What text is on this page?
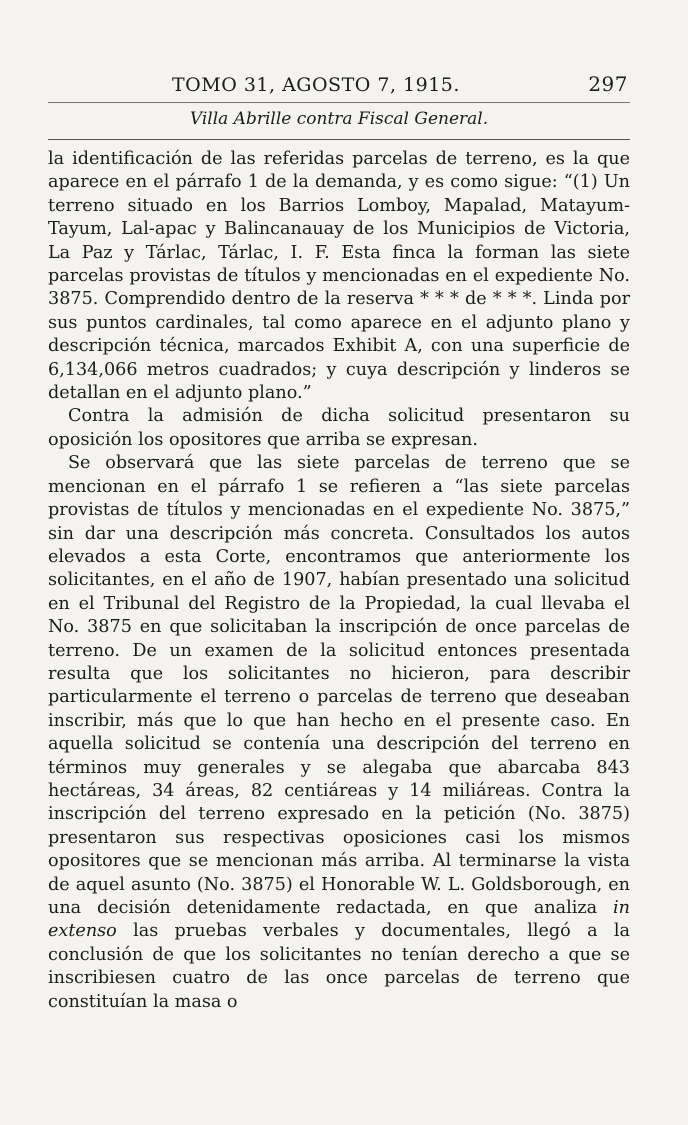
TOMO 31, AGOSTO 7, 1915.	297
Villa Abrille contra Fiscal General.

la identificación de las referidas parcelas de terreno, es la que aparece en el párrafo 1 de la demanda, y es como sigue: “(1) Un terreno situado en los Barrios Lomboy, Mapalad, Matayum-Tayum, Lal-apac y Balincanauay de los Municipios de Victoria, La Paz y Tárlac, Tárlac, I. F. Esta finca la forman las siete parcelas provistas de títulos y mencionadas en el expediente No. 3875. Comprendido dentro de la reserva * * * de * * *. Linda por sus puntos cardinales, tal como aparece en el adjunto plano y descripción técnica, marcados Exhibit A, con una superficie de 6,134,066 metros cuadrados; y cuya descripción y linderos se detallan en el adjunto plano.”

Contra la admisión de dicha solicitud presentaron su oposición los opositores que arriba se expresan.

Se observará que las siete parcelas de terreno que se mencionan en el párrafo 1 se refieren a “las siete parcelas provistas de títulos y mencionadas en el expediente No. 3875,” sin dar una descripción más concreta. Consultados los autos elevados a esta Corte, encontramos que anteriormente los solicitantes, en el año de 1907, habían presentado una solicitud en el Tribunal del Registro de la Propiedad, la cual llevaba el No. 3875 en que solicitaban la inscripción de once parcelas de terreno. De un examen de la solicitud entonces presentada resulta que los solicitantes no hicieron, para describir particularmente el terreno o parcelas de terreno que deseaban inscribir, más que lo que han hecho en el presente caso. En aquella solicitud se contenía una descripción del terreno en términos muy generales y se alegaba que abarcaba 843 hectáreas, 34 áreas, 82 centiáreas y 14 miliáreas. Contra la inscripción del terreno expresado en la petición (No. 3875) presentaron sus respectivas oposiciones casi los mismos opositores que se mencionan más arriba. Al terminarse la vista de aquel asunto (No. 3875) el Honorable W. L. Goldsborough, en una decisión detenidamente redactada, en que analiza in extenso las pruebas verbales y documentales, llegó a la conclusión de que los solicitantes no tenían derecho a que se inscribiesen cuatro de las once parcelas de terreno que constituían la masa o
